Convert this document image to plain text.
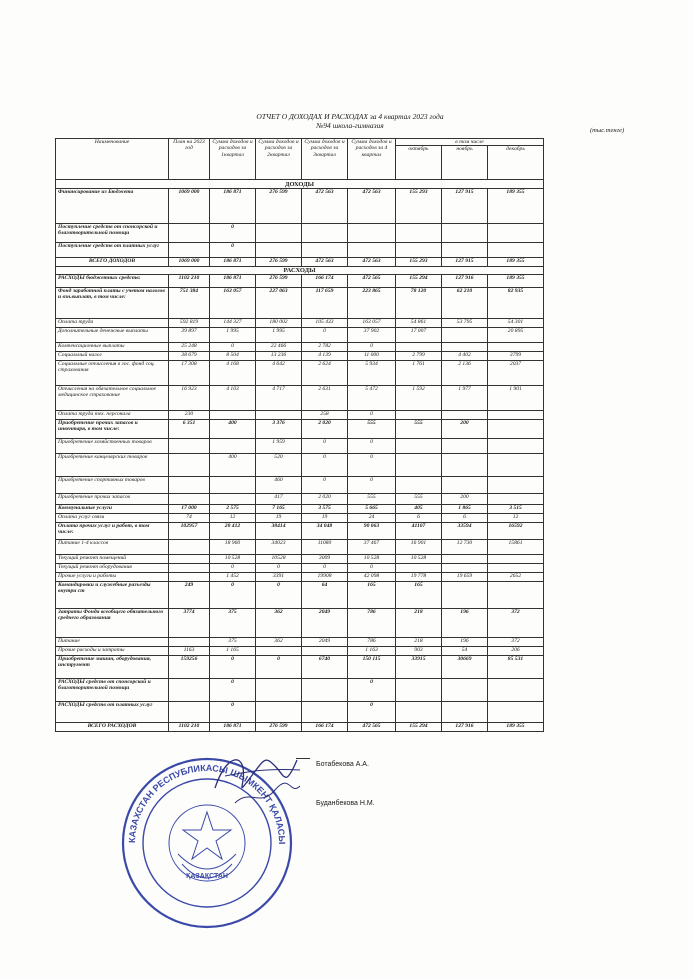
ОТЧЕТ О ДОХОДАХ И РАСХОДАХ за 4 квартал 2023 года
№94 школа-гимназия
(тыс.тенге)
Наименование	План на 2023 год	Сумма доходов и расходов за 1квартал	Сумма доходов и расходов за 2квартал	Сумма доходов и расходов за 3квартал	Сумма доходов и расходов за 4 квартал	в том числе		
						октябрь	ноябрь	декабрь
ДОХОДЫ								
Финансирование из Бюджета	1069 000	186 871	276 599	472 563	472 563	155 293	127 915	189 355
Поступление средств от спонсорской и благотворительной помощи		0						
Поступление средств от платных услуг		0						
ВСЕГО ДОХОДОВ	1069 000	186 871	276 599	472 563	472 563	155 293	127 915	189 355
РАСХОДЫ								
РАСХОДЫ бюджетных средств:	1102 210	186 871	276 599	166 174	472 565	155 294	127 916	189 355
Фонд заработной платы с учетом налогов и взн.выплат, в том числе:	751 384	163 057	227 063	117 659	223 865	78 120	62 210	82 935
Оплата труда	592 819	144 327	180 002	105 433	163 057	54 861	53 795	54 301
Дополнительные денежные выплаты	39 897	1 995	1 995	0	37 902	17 007		20 895
Компенсационные выплаты	25 248	0	22 466	2 782	0			
Социальный налог	38 679	8 504	13 236	4 139	11 000	2 799	4 402	3799
Социальные отчисления в гос. фонд соц. страхования	17 308	4 168	4 642	2 624	5 934	1 761	2 136	2037
Отчисления на обязательное социальное медицинское страхование	16 923	4 103	4 717	2 631	5 472	1 592	1 977	1 901
Оплата труда тех. персонала	230			258	0			
Приобретение прочих запасов и инвентаря, в том числе:	6 351	400	3 376	2 020	555	555	200	
Приобретение хозяйственных товаров			1 959	0	0			
Приобретение канцелярских товаров		400	520	0	0			
Приобретение спортивных товаров			460	0	0			
Приобретение прочих запасов			417	2 020	555	555	200	
Коммунальные услуги	17 000	2 575	7 165	3 575	5 665	405	1 865	3 515
Оплата услуг связи	74	12	19	19	24	6	6	12
Оплата прочих услуг и работ, в том числе:	102957	20 412	38414	34 048	90 063	41107	33594	16592
Питание 1-4 классов		18 960	34023	11080	37 467	16 901	12 730	15861
Текущий ремонт помещений		10 528	10528	3009	10 528	10 528		
Текущий ремонт оборудования		0	0	0	0			
Прочие услуги и работы		1 452	3391	19908	42 098	19 778	19 659	2652
Командировки и служебные разъезды внутри ст	249	0	0	64	165	165		
Затраты Фонда всеобщего обязательного среднего образования	3774	375	362	2049	786	218	196	372
Питание		375	362	2049	786	218	196	372
Прочие расходы и затраты	1163	1 165			1 163	903	54	206
Приобретение машин, оборудования, инструмент	159256	0	0	6740	150 115	33915	30669	85 531
РАСХОДЫ средств от спонсорской и благотворительной помощи		0			0			
РАСХОДЫ средств от платных услуг		0			0			
ВСЕГО РАСХОДОВ	1102 210	186 871	276 599	166 174	472 565	155 294	127 916	189 355
КАЗАХСТАН РЕСПУБЛИКАСЫ ШЫМКЕНТ ҚАЛАСЫ
ҚАЗАҚСТАН
Ботабекова А.А.
Буданбекова Н.М.
